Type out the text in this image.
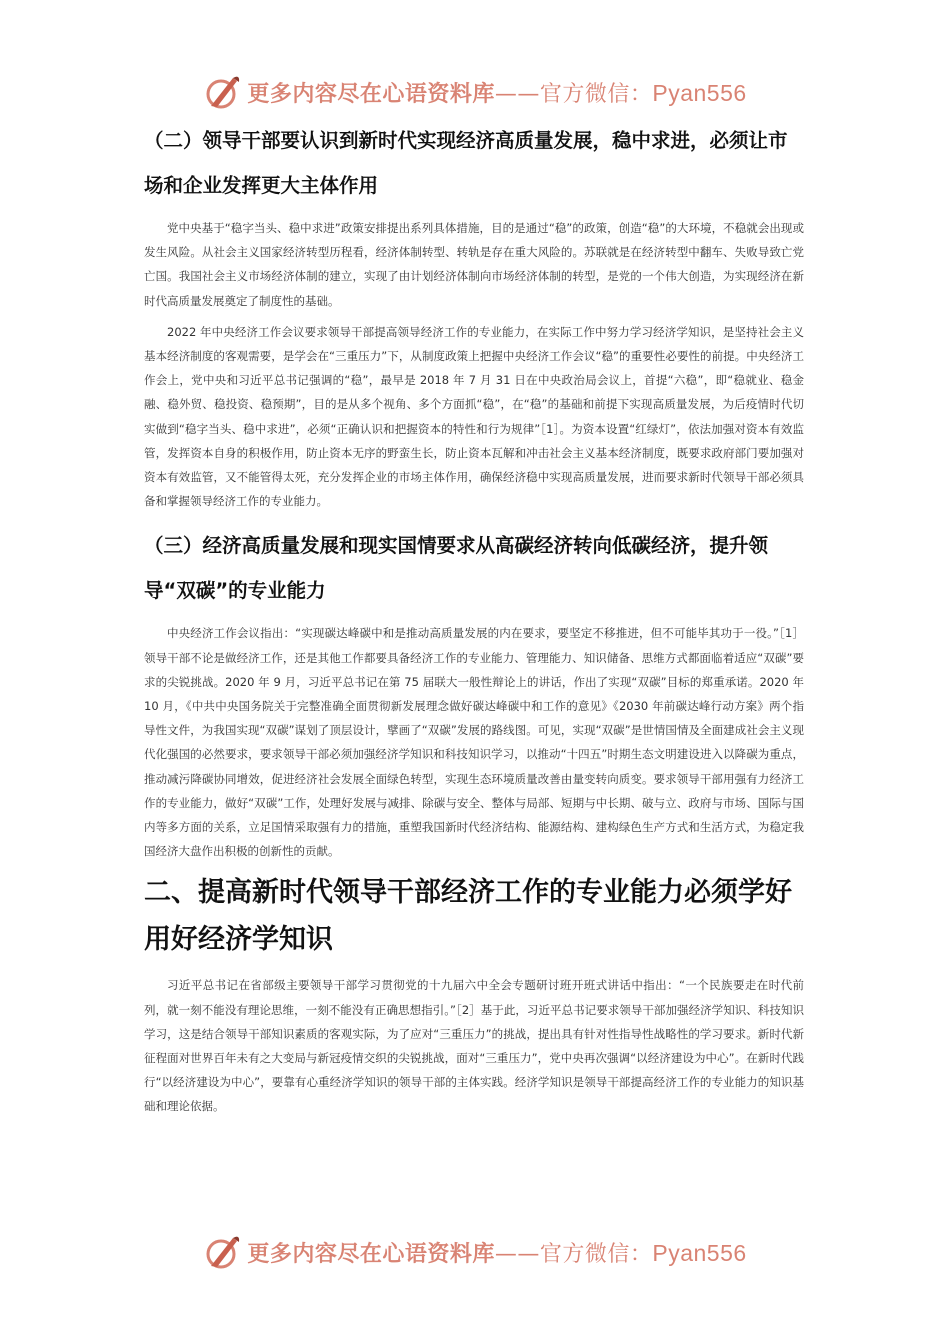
更多内容尽在心语资料库——官方微信：Pyan556
（二）领导干部要认识到新时代实现经济高质量发展，稳中求进，必须让市场和企业发挥更大主体作用

党中央基于“稳字当头、稳中求进”政策安排提出系列具体措施，目的是通过“稳”的政策，创造“稳”的大环境，不稳就会出现或发生风险。从社会主义国家经济转型历程看，经济体制转型、转轨是存在重大风险的。苏联就是在经济转型中翻车、失败导致亡党亡国。我国社会主义市场经济体制的建立，实现了由计划经济体制向市场经济体制的转型，是党的一个伟大创造，为实现经济在新时代高质量发展奠定了制度性的基础。

2022 年中央经济工作会议要求领导干部提高领导经济工作的专业能力，在实际工作中努力学习经济学知识，是坚持社会主义基本经济制度的客观需要，是学会在“三重压力”下，从制度政策上把握中央经济工作会议“稳”的重要性必要性的前提。中央经济工作会上，党中央和习近平总书记强调的“稳”，最早是 2018 年 7 月 31 日在中央政治局会议上，首提“六稳”，即“稳就业、稳金融、稳外贸、稳投资、稳预期”，目的是从多个视角、多个方面抓“稳”，在“稳”的基础和前提下实现高质量发展，为后疫情时代切实做到“稳字当头、稳中求进”，必须“正确认识和把握资本的特性和行为规律”［1］。为资本设置“红绿灯”，依法加强对资本有效监管，发挥资本自身的积极作用，防止资本无序的野蛮生长，防止资本瓦解和冲击社会主义基本经济制度，既要求政府部门要加强对资本有效监管，又不能管得太死，充分发挥企业的市场主体作用，确保经济稳中实现高质量发展，进而要求新时代领导干部必须具备和掌握领导经济工作的专业能力。

（三）经济高质量发展和现实国情要求从高碳经济转向低碳经济，提升领导“双碳”的专业能力

中央经济工作会议指出：“实现碳达峰碳中和是推动高质量发展的内在要求，要坚定不移推进，但不可能毕其功于一役。”［1］领导干部不论是做经济工作，还是其他工作都要具备经济工作的专业能力、管理能力、知识储备、思维方式都面临着适应“双碳”要求的尖锐挑战。2020 年 9 月，习近平总书记在第 75 届联大一般性辩论上的讲话，作出了实现“双碳”目标的郑重承诺。2020 年 10 月，《中共中央国务院关于完整准确全面贯彻新发展理念做好碳达峰碳中和工作的意见》《2030 年前碳达峰行动方案》两个指导性文件，为我国实现“双碳”谋划了顶层设计，擘画了“双碳”发展的路线图。可见，实现“双碳”是世情国情及全面建成社会主义现代化强国的必然要求，要求领导干部必须加强经济学知识和科技知识学习，以推动“十四五”时期生态文明建设进入以降碳为重点，推动减污降碳协同增效，促进经济社会发展全面绿色转型，实现生态环境质量改善由量变转向质变。要求领导干部用强有力经济工作的专业能力，做好“双碳”工作，处理好发展与减排、除碳与安全、整体与局部、短期与中长期、破与立、政府与市场、国际与国内等多方面的关系，立足国情采取强有力的措施，重塑我国新时代经济结构、能源结构、建构绿色生产方式和生活方式，为稳定我国经济大盘作出积极的创新性的贡献。

二、提高新时代领导干部经济工作的专业能力必须学好用好经济学知识

习近平总书记在省部级主要领导干部学习贯彻党的十九届六中全会专题研讨班开班式讲话中指出：“一个民族要走在时代前列，就一刻不能没有理论思维，一刻不能没有正确思想指引。”［2］基于此，习近平总书记要求领导干部加强经济学知识、科技知识学习，这是结合领导干部知识素质的客观实际，为了应对“三重压力”的挑战，提出具有针对性指导性战略性的学习要求。新时代新征程面对世界百年未有之大变局与新冠疫情交织的尖锐挑战，面对“三重压力”，党中央再次强调“以经济建设为中心”。在新时代践行“以经济建设为中心”，要靠有心重经济学知识的领导干部的主体实践。经济学知识是领导干部提高经济工作的专业能力的知识基础和理论依据。

更多内容尽在心语资料库——官方微信：Pyan556
